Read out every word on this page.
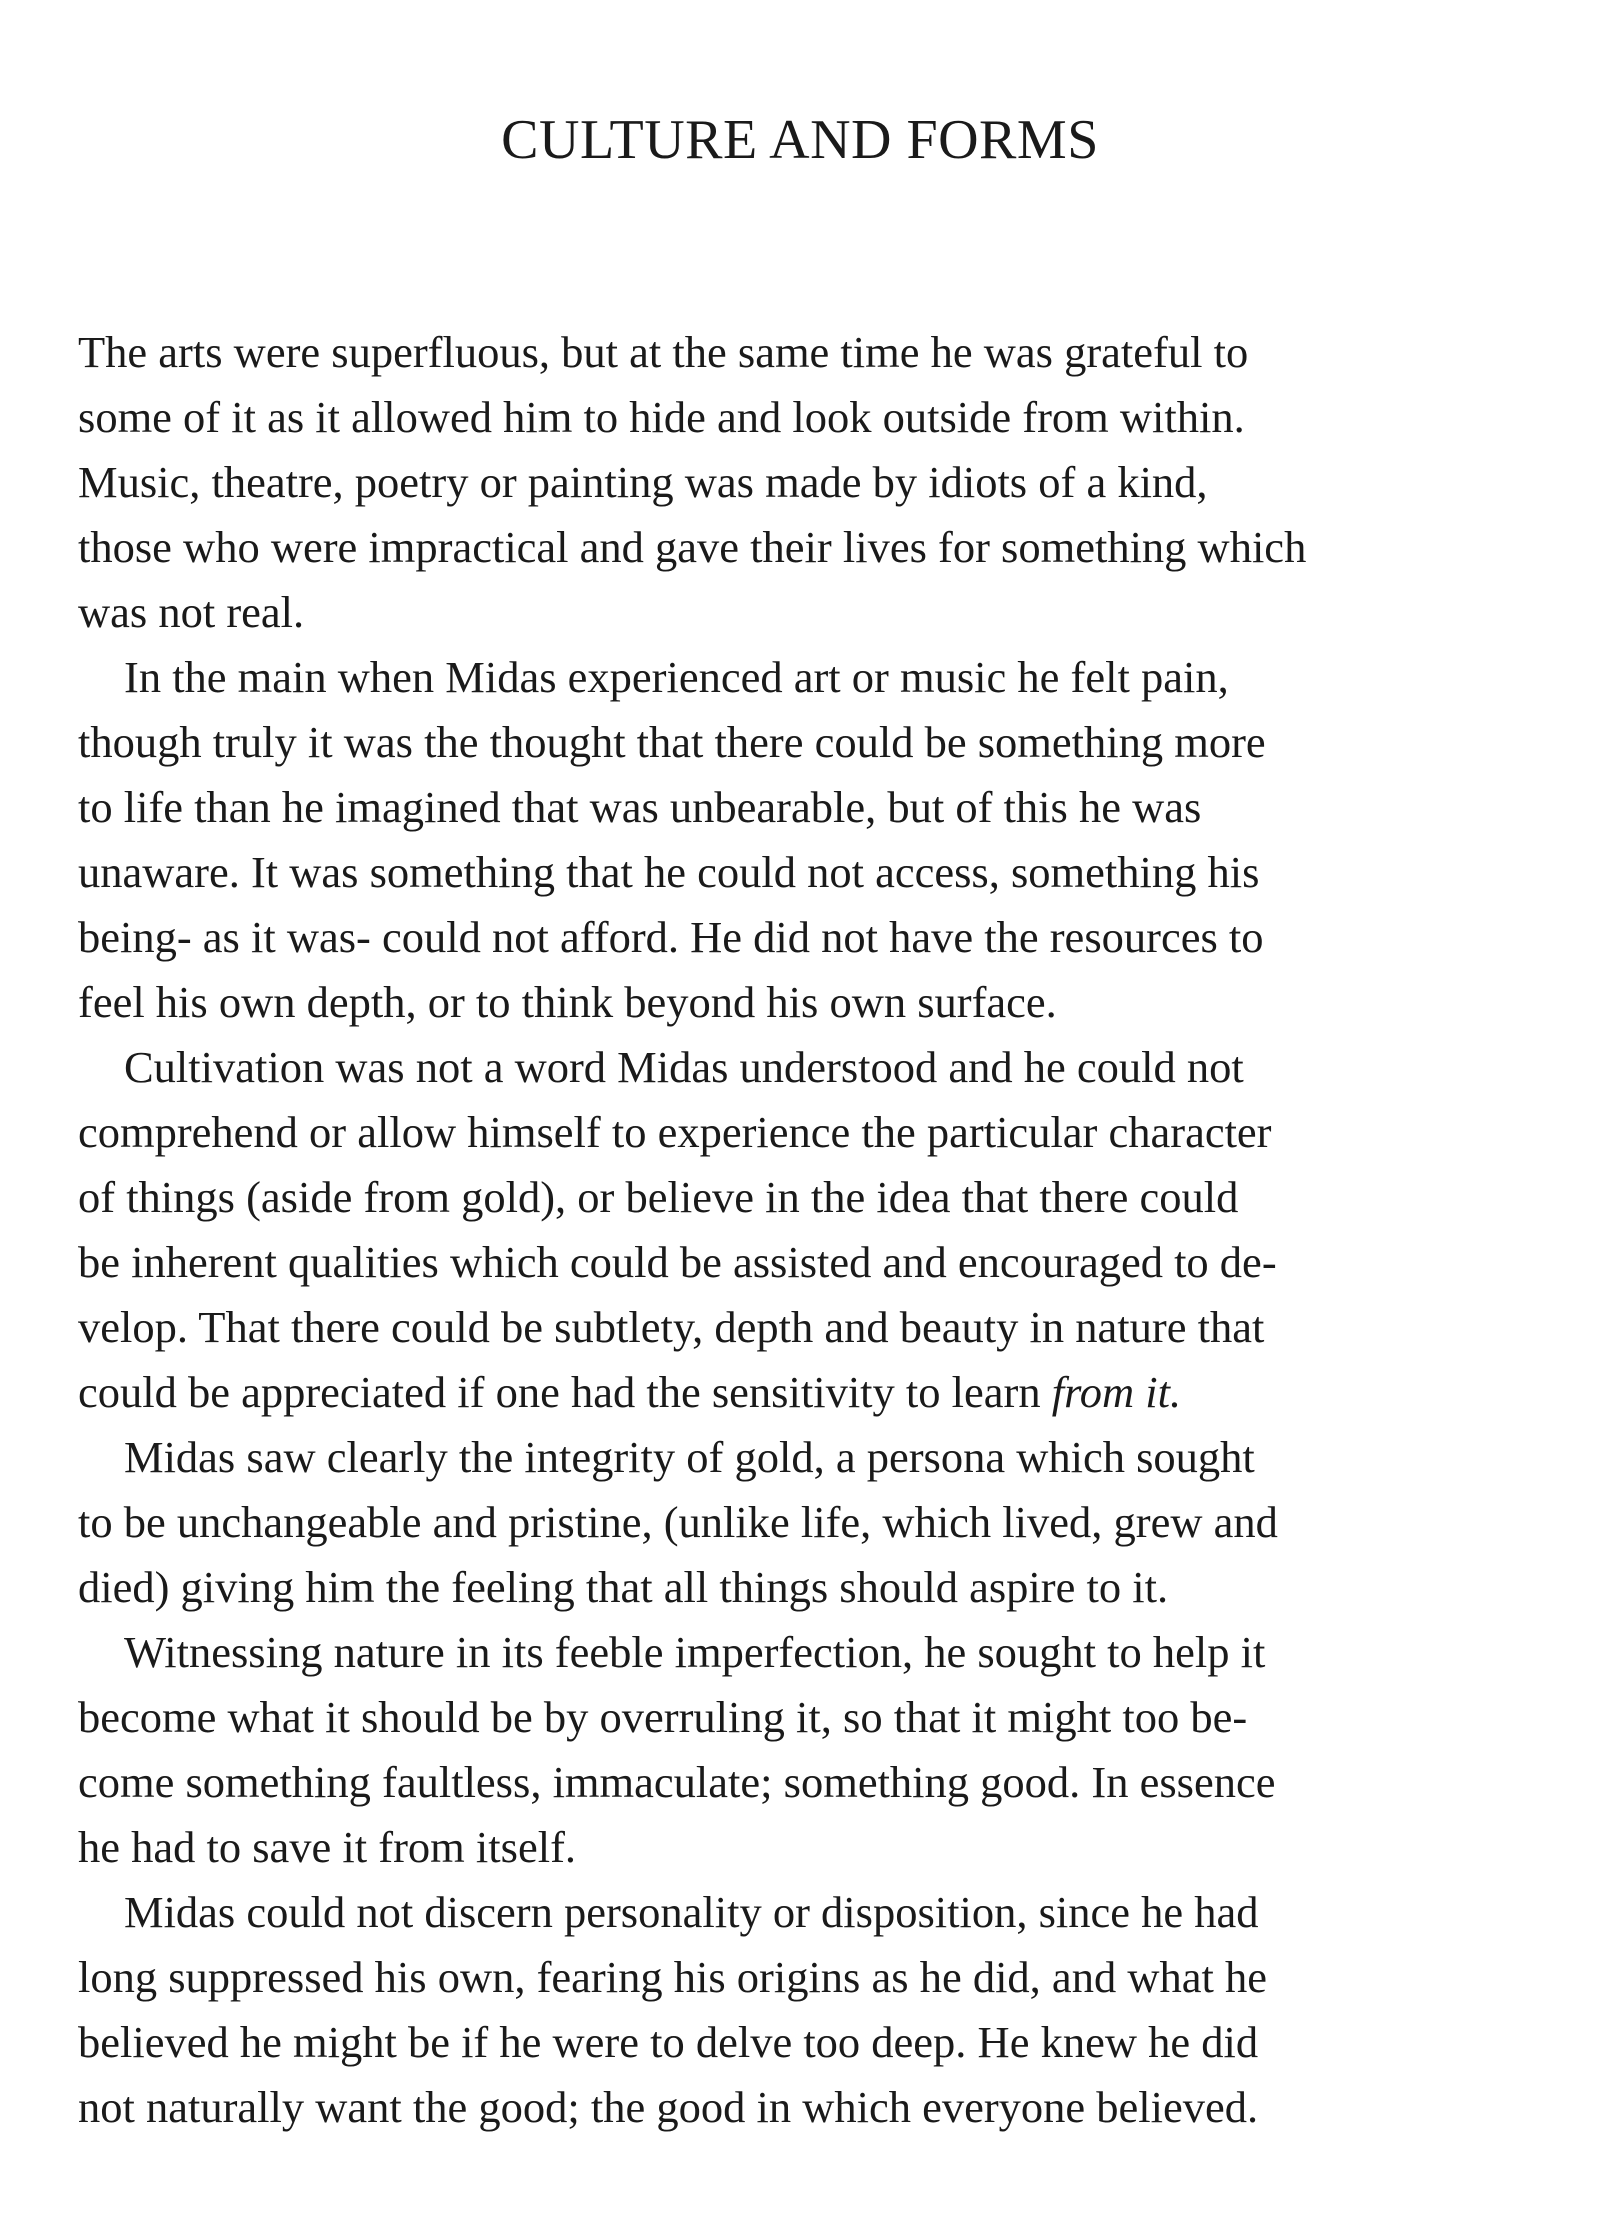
CULTURE AND FORMS
The arts were superfluous, but at the same time he was grateful to
some of it as it allowed him to hide and look outside from within.
Music, theatre, poetry or painting was made by idiots of a kind,
those who were impractical and gave their lives for something which
was not real.
In the main when Midas experienced art or music he felt pain,
though truly it was the thought that there could be something more
to life than he imagined that was unbearable, but of this he was
unaware. It was something that he could not access, something his
being- as it was- could not afford. He did not have the resources to
feel his own depth, or to think beyond his own surface.
Cultivation was not a word Midas understood and he could not
comprehend or allow himself to experience the particular character
of things (aside from gold), or believe in the idea that there could
be inherent qualities which could be assisted and encouraged to de-
velop. That there could be subtlety, depth and beauty in nature that
could be appreciated if one had the sensitivity to learn from it.
Midas saw clearly the integrity of gold, a persona which sought
to be unchangeable and pristine, (unlike life, which lived, grew and
died) giving him the feeling that all things should aspire to it.
Witnessing nature in its feeble imperfection, he sought to help it
become what it should be by overruling it, so that it might too be-
come something faultless, immaculate; something good. In essence
he had to save it from itself.
Midas could not discern personality or disposition, since he had
long suppressed his own, fearing his origins as he did, and what he
believed he might be if he were to delve too deep. He knew he did
not naturally want the good; the good in which everyone believed.
